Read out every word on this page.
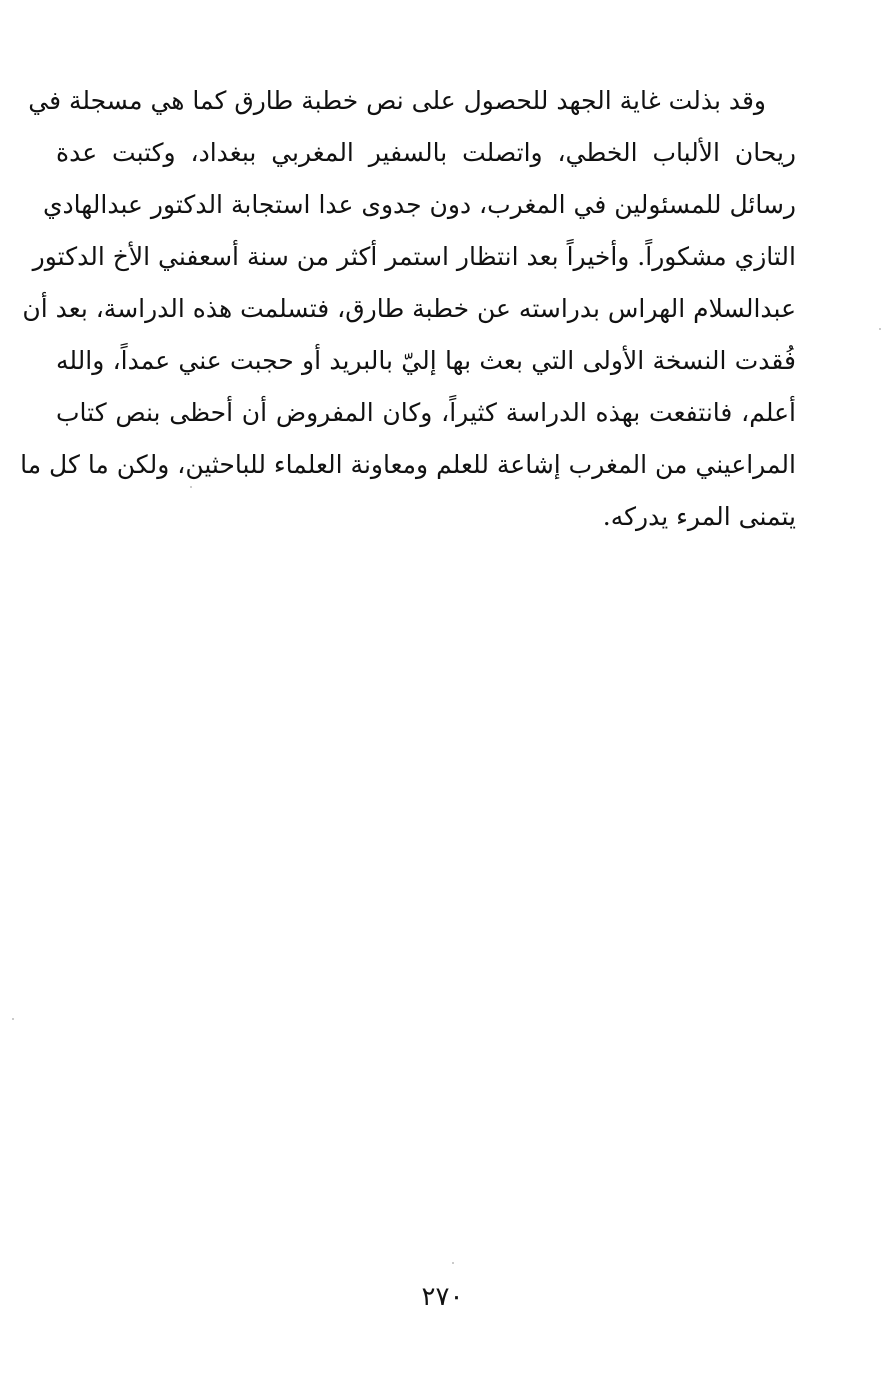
وقد بذلت غاية الجهد للحصول على نص خطبة طارق كما هي مسجلة في
ريحان الألباب الخطي، واتصلت بالسفير المغربي ببغداد، وكتبت عدة
رسائل للمسئولين في المغرب، دون جدوى عدا استجابة الدكتور عبدالهادي
التازي مشكوراً. وأخيراً بعد انتظار استمر أكثر من سنة أسعفني الأخ الدكتور
عبدالسلام الهراس بدراسته عن خطبة طارق، فتسلمت هذه الدراسة، بعد أن
فُقدت النسخة الأولى التي بعث بها إليّ بالبريد أو حجبت عني عمداً، والله
أعلم، فانتفعت بهذه الدراسة كثيراً، وكان المفروض أن أحظى بنص كتاب
المراعيني من المغرب إشاعة للعلم ومعاونة العلماء للباحثين، ولكن ما كل ما
يتمنى المرء يدركه.
٢٧٠
